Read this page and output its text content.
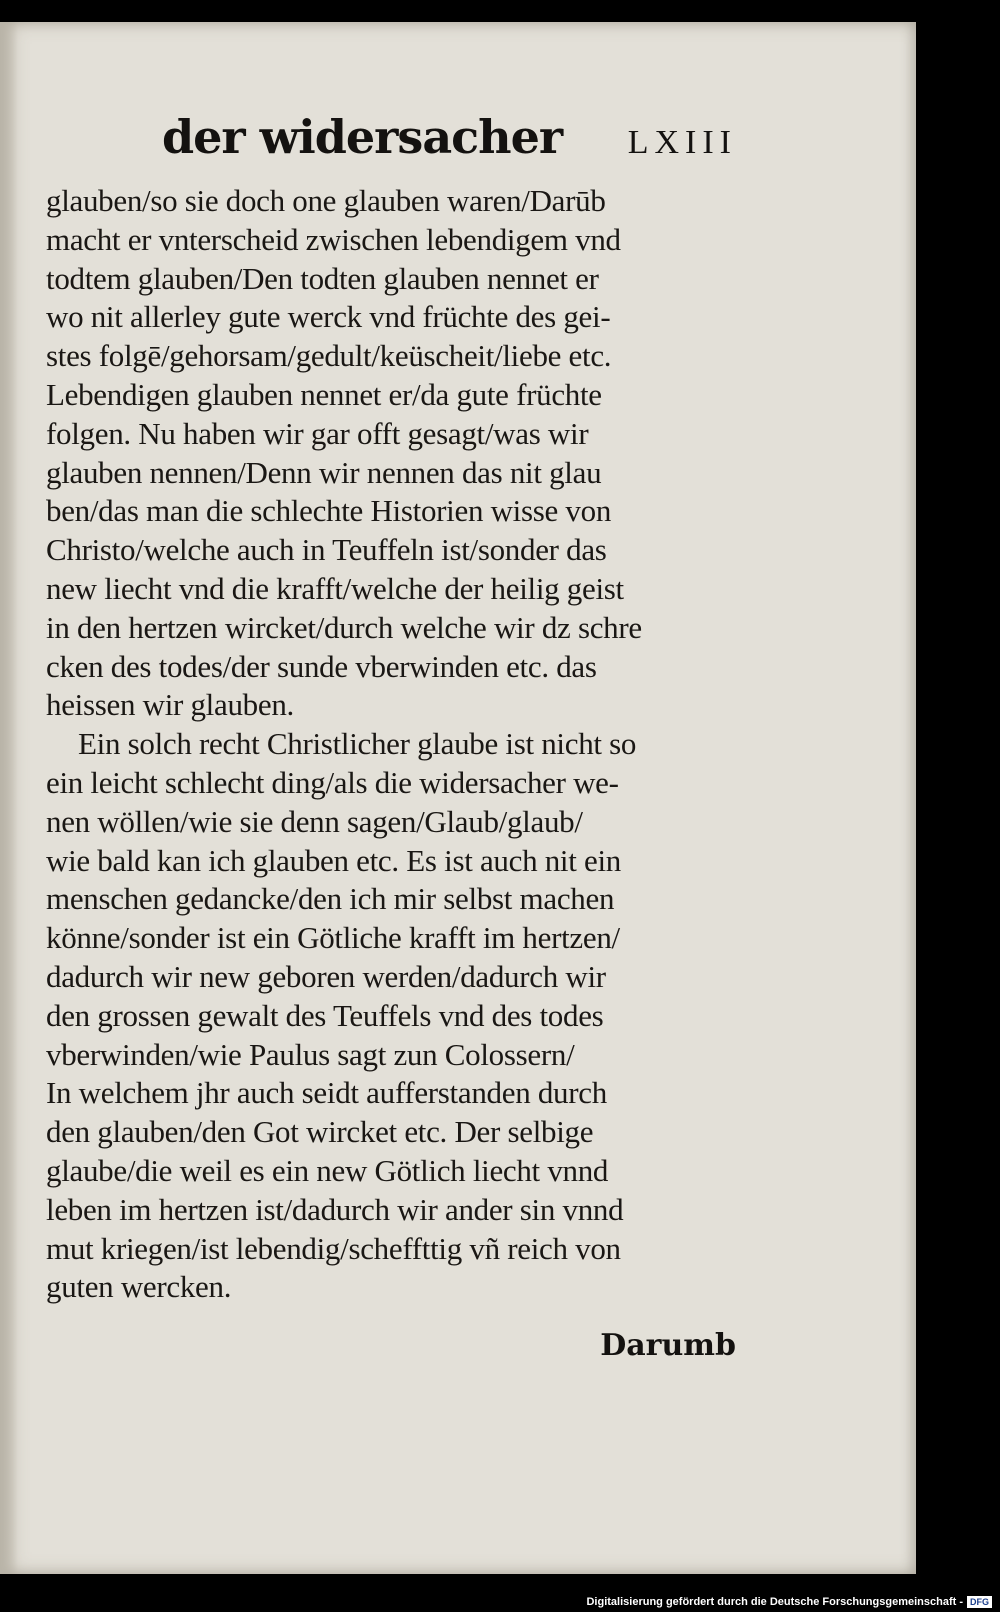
der widersacher LXIII
glauben/so sie doch one glauben waren/Darūb
macht er vnterscheid zwischen lebendigem vnd
todtem glauben/Den todten glauben nennet er
wo nit allerley gute werck vnd früchte des gei-
stes folgē/gehorsam/gedult/keüscheit/liebe etc.
Lebendigen glauben nennet er/da gute früchte
folgen. Nu haben wir gar offt gesagt/was wir
glauben nennen/Denn wir nennen das nit glau
ben/das man die schlechte Historien wisse von
Christo/welche auch in Teuffeln ist/sonder das
new liecht vnd die krafft/welche der heilig geist
in den hertzen wircket/durch welche wir dz schre
cken des todes/der sunde vberwinden etc. das
heissen wir glauben.
Ein solch recht Christlicher glaube ist nicht so
ein leicht schlecht ding/als die widersacher we-
nen wöllen/wie sie denn sagen/Glaub/glaub/
wie bald kan ich glauben etc. Es ist auch nit ein
menschen gedancke/den ich mir selbst machen
könne/sonder ist ein Götliche krafft im hertzen/
dadurch wir new geboren werden/dadurch wir
den grossen gewalt des Teuffels vnd des todes
vberwinden/wie Paulus sagt zun Colossern/
In welchem jhr auch seidt aufferstanden durch
den glauben/den Got wircket etc. Der selbige
glaube/die weil es ein new Götlich liecht vnnd
leben im hertzen ist/dadurch wir ander sin vnnd
mut kriegen/ist lebendig/scheffttig vñ reich von
guten wercken.
Darumb
Digitalisierung gefördert durch die Deutsche Forschungsgemeinschaft - DFG
